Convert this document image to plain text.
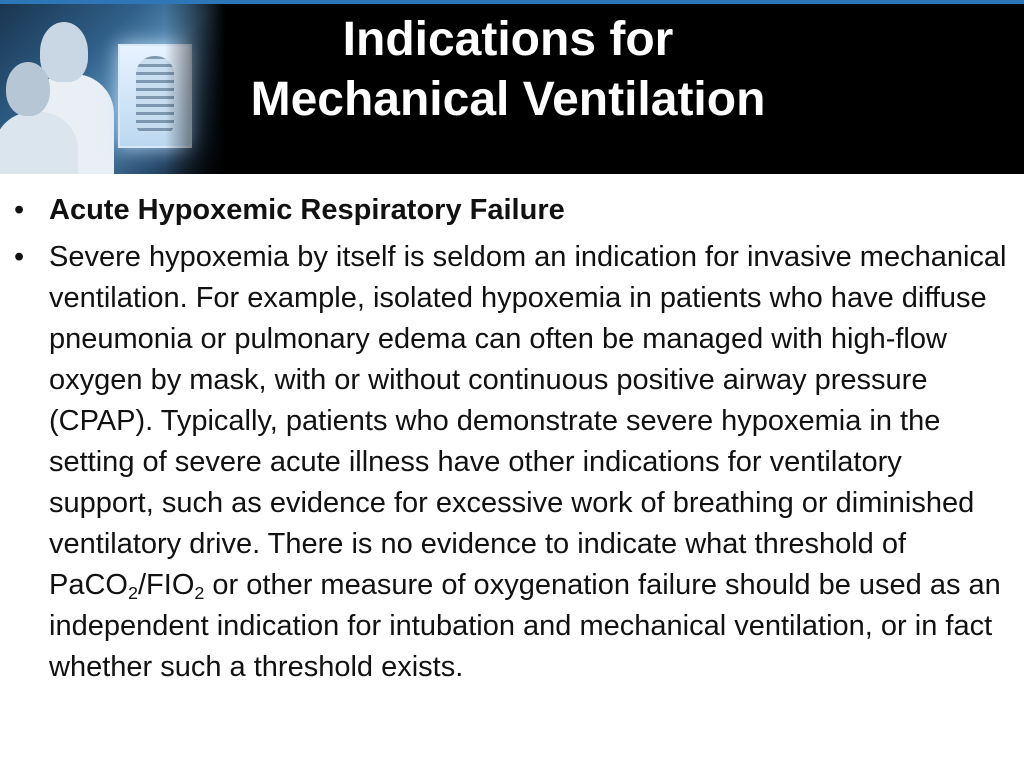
Indications for Mechanical Ventilation
• Acute Hypoxemic Respiratory Failure
• Severe hypoxemia by itself is seldom an indication for invasive mechanical ventilation. For example, isolated hypoxemia in patients who have diffuse pneumonia or pulmonary edema can often be managed with high-flow oxygen by mask, with or without continuous positive airway pressure (CPAP). Typically, patients who demonstrate severe hypoxemia in the setting of severe acute illness have other indications for ventilatory support, such as evidence for excessive work of breathing or diminished ventilatory drive. There is no evidence to indicate what threshold of $PaCO_2/FIO_2$ or other measure of oxygenation failure should be used as an independent indication for intubation and mechanical ventilation, or in fact whether such a threshold exists.
